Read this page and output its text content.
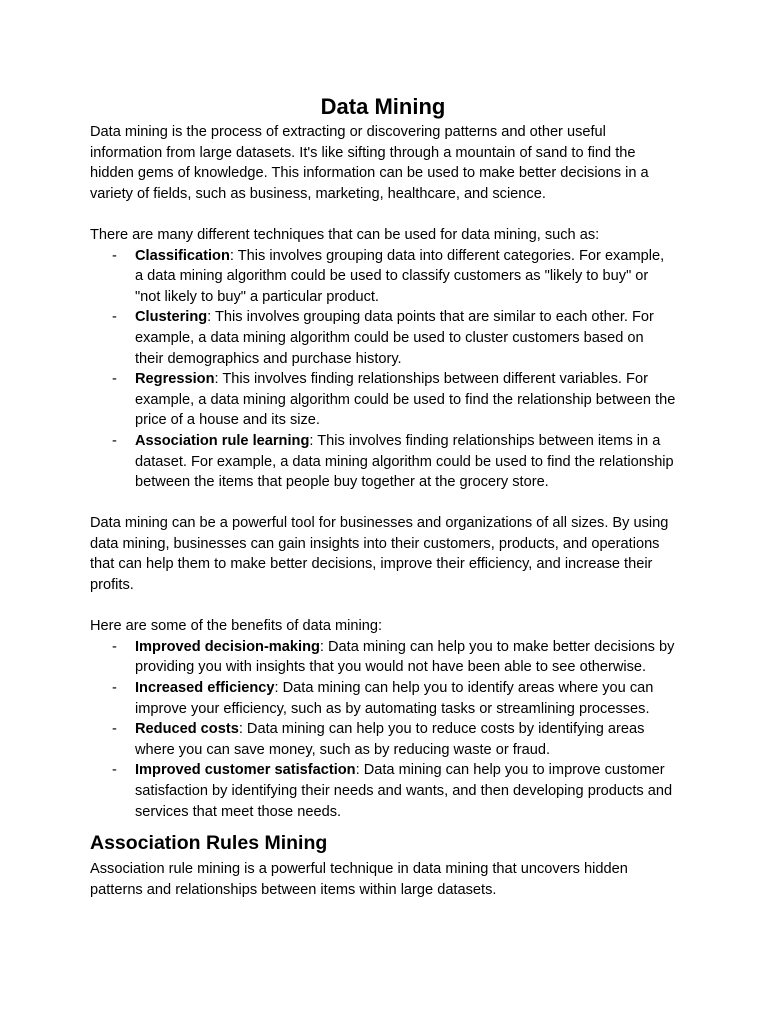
Data Mining

Data mining is the process of extracting or discovering patterns and other useful information from large datasets. It's like sifting through a mountain of sand to find the hidden gems of knowledge. This information can be used to make better decisions in a variety of fields, such as business, marketing, healthcare, and science.

There are many different techniques that can be used for data mining, such as:

- Classification: This involves grouping data into different categories. For example, a data mining algorithm could be used to classify customers as "likely to buy" or "not likely to buy" a particular product.
- Clustering: This involves grouping data points that are similar to each other. For example, a data mining algorithm could be used to cluster customers based on their demographics and purchase history.
- Regression: This involves finding relationships between different variables. For example, a data mining algorithm could be used to find the relationship between the price of a house and its size.
- Association rule learning: This involves finding relationships between items in a dataset. For example, a data mining algorithm could be used to find the relationship between the items that people buy together at the grocery store.

Data mining can be a powerful tool for businesses and organizations of all sizes. By using data mining, businesses can gain insights into their customers, products, and operations that can help them to make better decisions, improve their efficiency, and increase their profits.

Here are some of the benefits of data mining:

- Improved decision-making: Data mining can help you to make better decisions by providing you with insights that you would not have been able to see otherwise.
- Increased efficiency: Data mining can help you to identify areas where you can improve your efficiency, such as by automating tasks or streamlining processes.
- Reduced costs: Data mining can help you to reduce costs by identifying areas where you can save money, such as by reducing waste or fraud.
- Improved customer satisfaction: Data mining can help you to improve customer satisfaction by identifying their needs and wants, and then developing products and services that meet those needs.
Association Rules Mining

Association rule mining is a powerful technique in data mining that uncovers hidden patterns and relationships between items within large datasets.
